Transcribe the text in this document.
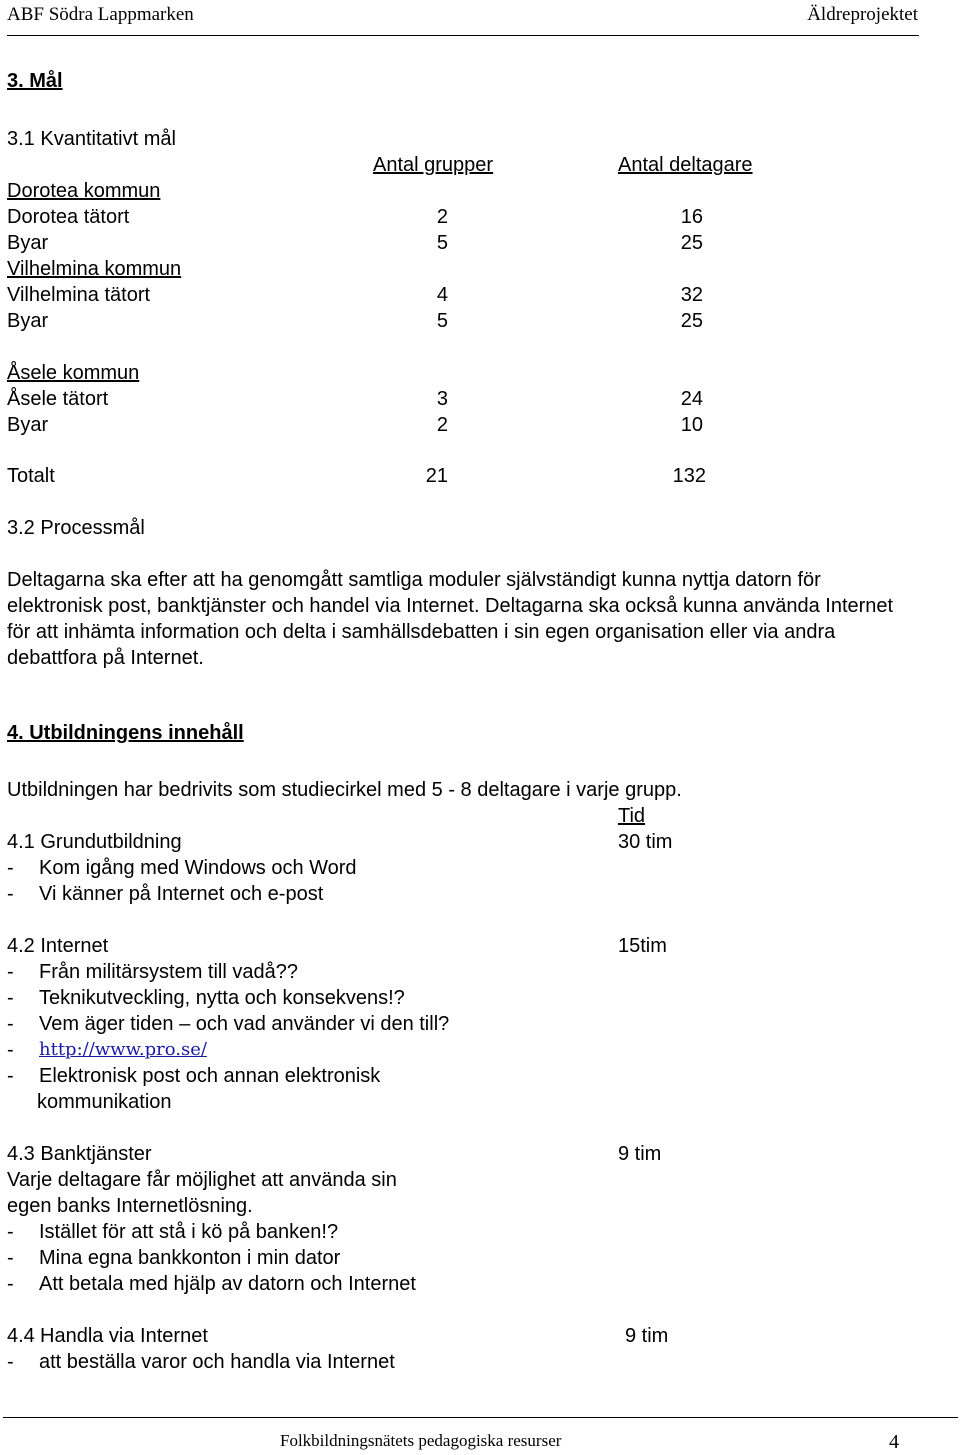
ABF Södra Lappmarken	Äldreprojektet
3. Mål
3.1 Kvantitativt mål
Antal grupper	Antal deltagare
Dorotea kommun
Dorotea tätort	2	16
Byar	5	25
Vilhelmina kommun
Vilhelmina tätort	4	32
Byar	5	25
Åsele kommun
Åsele tätort	3	24
Byar	2	10
Totalt	21	132
3.2 Processmål
Deltagarna ska efter att ha genomgått samtliga moduler självständigt kunna nyttja datorn för elektronisk post, banktjänster och handel via Internet. Deltagarna ska också kunna använda Internet för att inhämta information och delta i samhällsdebatten i sin egen organisation eller via andra debattfora på Internet.
4. Utbildningens innehåll
Utbildningen har bedrivits som studiecirkel med 5 - 8 deltagare i varje grupp.
Tid
4.1 Grundutbildning	30 tim
- Kom igång med Windows och Word
- Vi känner på Internet och e-post
4.2 Internet	15tim
- Från militärsystem till vadå??
- Teknikutveckling, nytta och konsekvens!?
- Vem äger tiden – och vad använder vi den till?
- http://www.pro.se/
- Elektronisk post och annan elektronisk
kommunikation
4.3 Banktjänster	9 tim
Varje deltagare får möjlighet att använda sin
egen banks Internetlösning.
- Istället för att stå i kö på banken!?
- Mina egna bankkonton i min dator
- Att betala med hjälp av datorn och Internet
4.4 Handla via Internet	9 tim
- att beställa varor och handla via Internet
Folkbildningsnätets pedagogiska resurser	4
